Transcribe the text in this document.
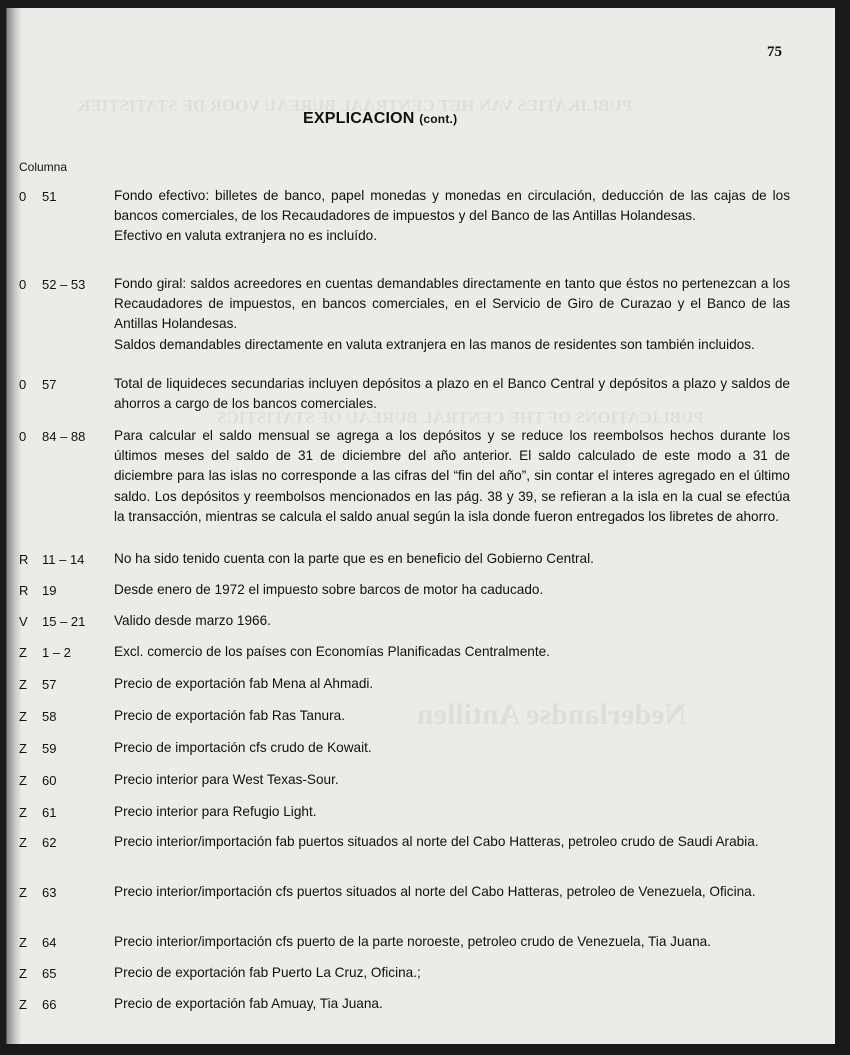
PUBLIKATIES VAN HET CENTRAAL BUREAU VOOR DE STATISTIEK
PUBLICATIONS OF THE CENTRAL BUREAU OF STATISTICS
Nederlandse Antillen
75
EXPLICACION (cont.)
Columna
0 51	Fondo efectivo: billetes de banco, papel monedas y monedas en circulación, deducción de las cajas de los bancos comerciales, de los Recaudadores de impuestos y del Banco de las Antillas Holandesas.

Efectivo en valuta extranjera no es incluído.

0 52 – 53 Fondo giral: saldos acreedores en cuentas demandables directamente en tanto que éstos no pertenezcan a los Recaudadores de impuestos, en bancos comerciales, en el Servicio de Giro de Curazao y el Banco de las Antillas Holandesas.

Saldos demandables directamente en valuta extranjera en las manos de residentes son también incluidos.

0 57	Total de liquideces secundarias incluyen depósitos a plazo en el Banco Central y depósitos a plazo y saldos de ahorros a cargo de los bancos comerciales.

0 84 – 88 Para calcular el saldo mensual se agrega a los depósitos y se reduce los reembolsos hechos durante los últimos meses del saldo de 31 de diciembre del año anterior. El saldo calculado de este modo a 31 de diciembre para las islas no corresponde a las cifras del “fin del año”, sin contar el interes agregado en el último saldo. Los depósitos y reembolsos mencionados en las pág. 38 y 39, se refieran a la isla en la cual se efectúa la transacción, mientras se calcula el saldo anual según la isla donde fueron entregados los libretes de ahorro.

R 11 – 14 No ha sido tenido cuenta con la parte que es en beneficio del Gobierno Central.

R 19	Desde enero de 1972 el impuesto sobre barcos de motor ha caducado.

V 15 – 21 Valido desde marzo 1966.

Z 1 – 2	Excl. comercio de los países con Economías Planificadas Centralmente.

Z 57	Precio de exportación fab Mena al Ahmadi.

Z 58	Precio de exportación fab Ras Tanura.

Z 59	Precio de importación cfs crudo de Kowait.

Z 60	Precio interior para West Texas-Sour.

Z 61	Precio interior para Refugio Light.

Z 62	Precio interior/importación fab puertos situados al norte del Cabo Hatteras, petroleo crudo de Saudi Arabia.

Z 63	Precio interior/importación cfs puertos situados al norte del Cabo Hatteras, petroleo de Venezuela, Oficina.

Z 64	Precio interior/importación cfs puerto de la parte noroeste, petroleo crudo de Venezuela, Tia Juana.

Z 65	Precio de exportación fab Puerto La Cruz, Oficina.;

Z 66	Precio de exportación fab Amuay, Tia Juana.
